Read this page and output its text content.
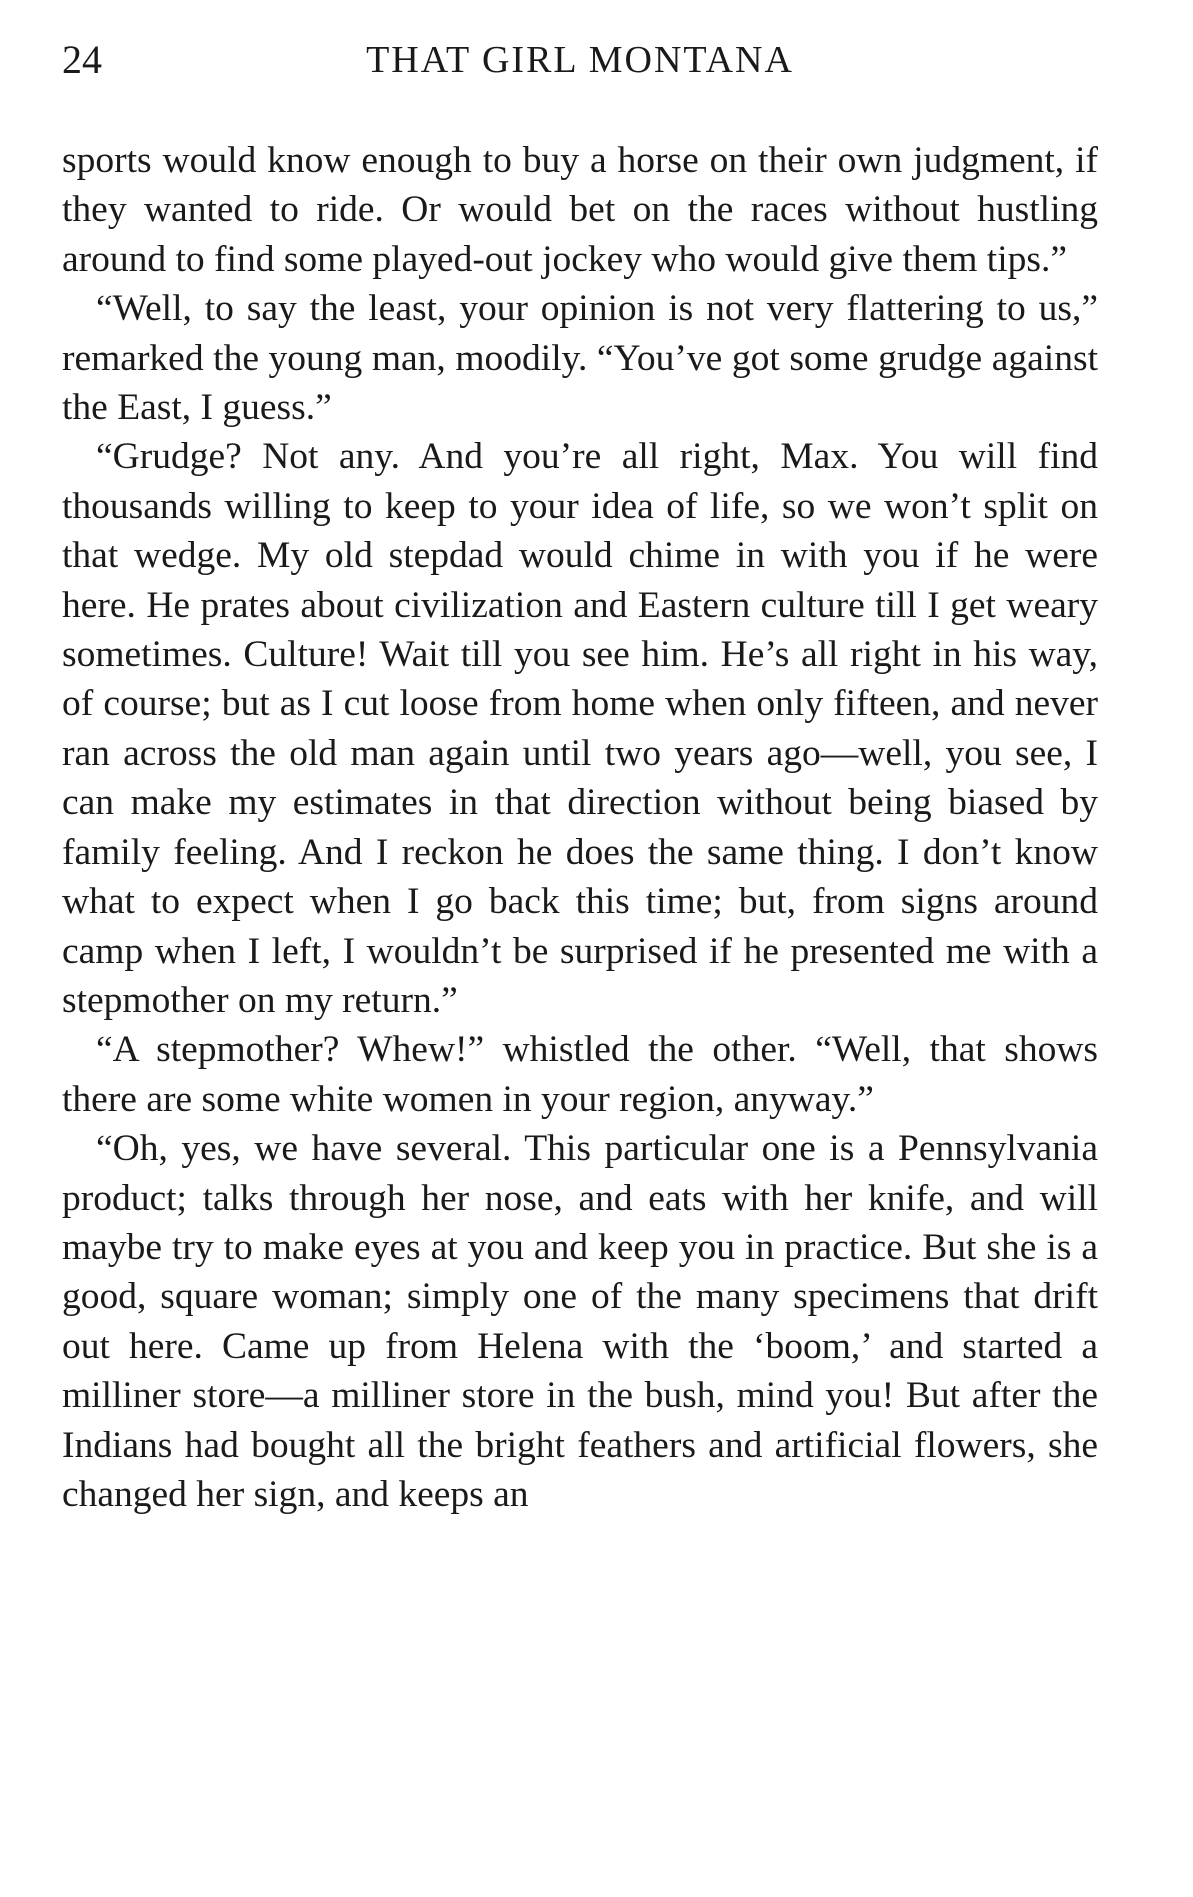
24	THAT GIRL MONTANA

sports would know enough to buy a horse on their own judgment, if they wanted to ride. Or would bet on the races without hustling around to find some played-out jockey who would give them tips.”

“Well, to say the least, your opinion is not very flattering to us,” remarked the young man, moodily. “You’ve got some grudge against the East, I guess.”

“Grudge? Not any. And you’re all right, Max. You will find thousands willing to keep to your idea of life, so we won’t split on that wedge. My old stepdad would chime in with you if he were here. He prates about civilization and Eastern culture till I get weary sometimes. Culture! Wait till you see him. He’s all right in his way, of course; but as I cut loose from home when only fifteen, and never ran across the old man again until two years ago—well, you see, I can make my estimates in that direction without being biased by family feeling. And I reckon he does the same thing. I don’t know what to expect when I go back this time; but, from signs around camp when I left, I wouldn’t be surprised if he presented me with a stepmother on my return.”

“A stepmother? Whew!” whistled the other. “Well, that shows there are some white women in your region, anyway.”

“Oh, yes, we have several. This particular one is a Pennsylvania product; talks through her nose, and eats with her knife, and will maybe try to make eyes at you and keep you in practice. But she is a good, square woman; simply one of the many specimens that drift out here. Came up from Helena with the ‘boom,’ and started a milliner store—a milliner store in the bush, mind you! But after the Indians had bought all the bright feathers and artificial flowers, she changed her sign, and keeps an
